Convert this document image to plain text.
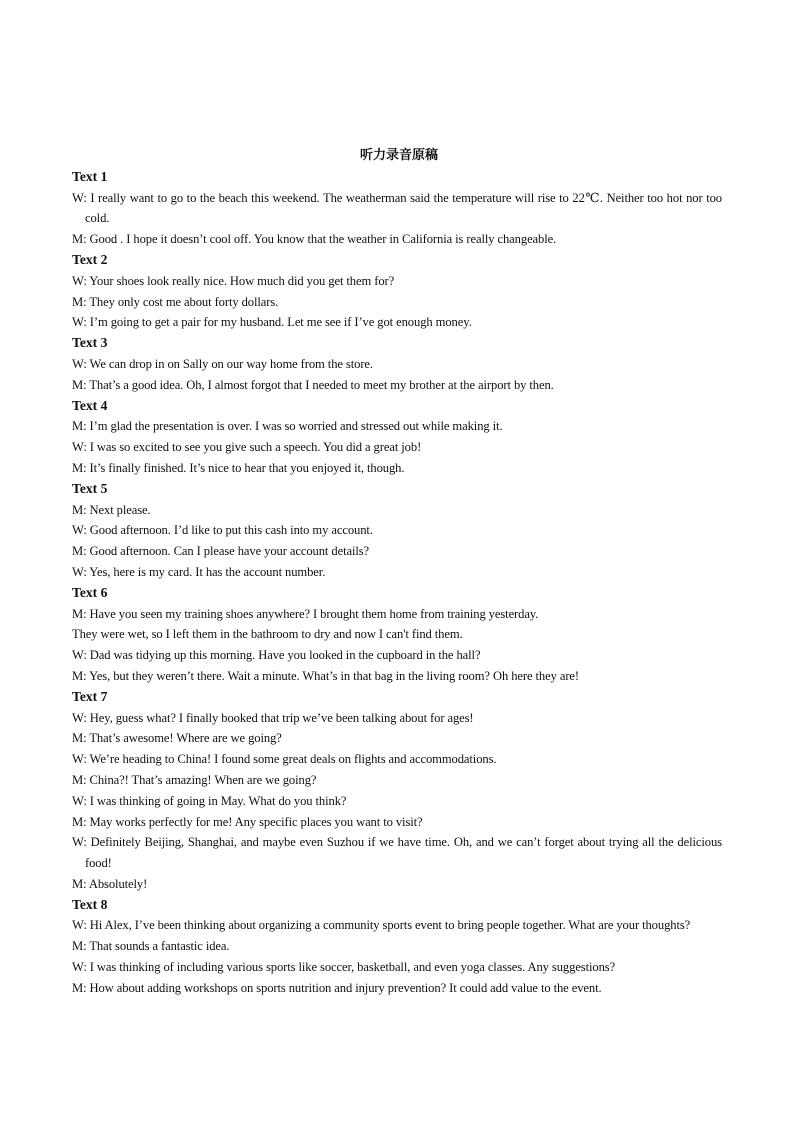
听力录音原稿
Text 1
W: I really want to go to the beach this weekend. The weatherman said the temperature will rise to 22℃. Neither too hot nor too cold.
M: Good . I hope it doesn’t cool off. You know that the weather in California is really changeable.
Text 2
W: Your shoes look really nice. How much did you get them for?
M: They only cost me about forty dollars.
W: I’m going to get a pair for my husband. Let me see if I’ve got enough money.
Text 3
W: We can drop in on Sally on our way home from the store.
M: That’s a good idea. Oh, I almost forgot that I needed to meet my brother at the airport by then.
Text 4
M: I’m glad the presentation is over. I was so worried and stressed out while making it.
W: I was so excited to see you give such a speech. You did a great job!
M: It’s finally finished. It’s nice to hear that you enjoyed it, though.
Text 5
M: Next please.
W: Good afternoon. I’d like to put this cash into my account.
M: Good afternoon. Can I please have your account details?
W: Yes, here is my card. It has the account number.
Text 6
M: Have you seen my training shoes anywhere? I brought them home from training yesterday.
They were wet, so I left them in the bathroom to dry and now I can't find them.
W: Dad was tidying up this morning. Have you looked in the cupboard in the hall?
M: Yes, but they weren’t there. Wait a minute. What’s in that bag in the living room? Oh here they are!
Text 7
W: Hey, guess what? I finally booked that trip we’ve been talking about for ages!
M: That’s awesome! Where are we going?
W: We’re heading to China! I found some great deals on flights and accommodations.
M: China?! That’s amazing! When are we going?
W: I was thinking of going in May. What do you think?
M: May works perfectly for me! Any specific places you want to visit?
W: Definitely Beijing, Shanghai, and maybe even Suzhou if we have time. Oh, and we can’t forget about trying all the delicious food!
M: Absolutely!
Text 8
W: Hi Alex, I’ve been thinking about organizing a community sports event to bring people together. What are your thoughts?
M: That sounds a fantastic idea.
W: I was thinking of including various sports like soccer, basketball, and even yoga classes. Any suggestions?
M: How about adding workshops on sports nutrition and injury prevention? It could add value to the event.
